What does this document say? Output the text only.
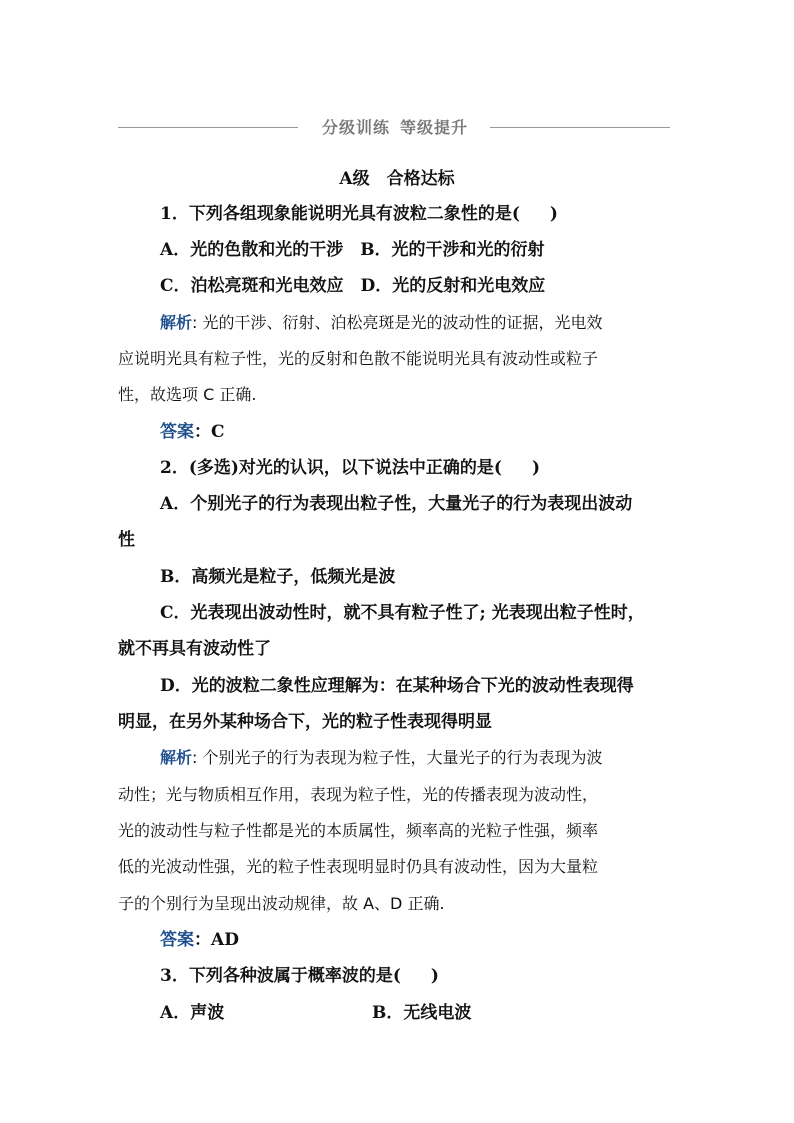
分级训练 等级提升
A级　合格达标
1．下列各组现象能说明光具有波粒二象性的是( )
A．光的色散和光的干涉　B．光的干涉和光的衍射
C．泊松亮斑和光电效应　D．光的反射和光电效应
解析: 光的干涉、衍射、泊松亮斑是光的波动性的证据，光电效
应说明光具有粒子性，光的反射和色散不能说明光具有波动性或粒子
性，故选项 C 正确.
答案：C
2．(多选)对光的认识，以下说法中正确的是( )
A．个别光子的行为表现出粒子性，大量光子的行为表现出波动
性
B．高频光是粒子，低频光是波
C．光表现出波动性时，就不具有粒子性了; 光表现出粒子性时，
就不再具有波动性了
D．光的波粒二象性应理解为：在某种场合下光的波动性表现得
明显，在另外某种场合下，光的粒子性表现得明显
解析: 个别光子的行为表现为粒子性，大量光子的行为表现为波
动性；光与物质相互作用，表现为粒子性，光的传播表现为波动性，
光的波动性与粒子性都是光的本质属性，频率高的光粒子性强，频率
低的光波动性强，光的粒子性表现明显时仍具有波动性，因为大量粒
子的个别行为呈现出波动规律，故 A、D 正确.
答案：AD
3．下列各种波属于概率波的是( )
A．声波	B．无线电波
